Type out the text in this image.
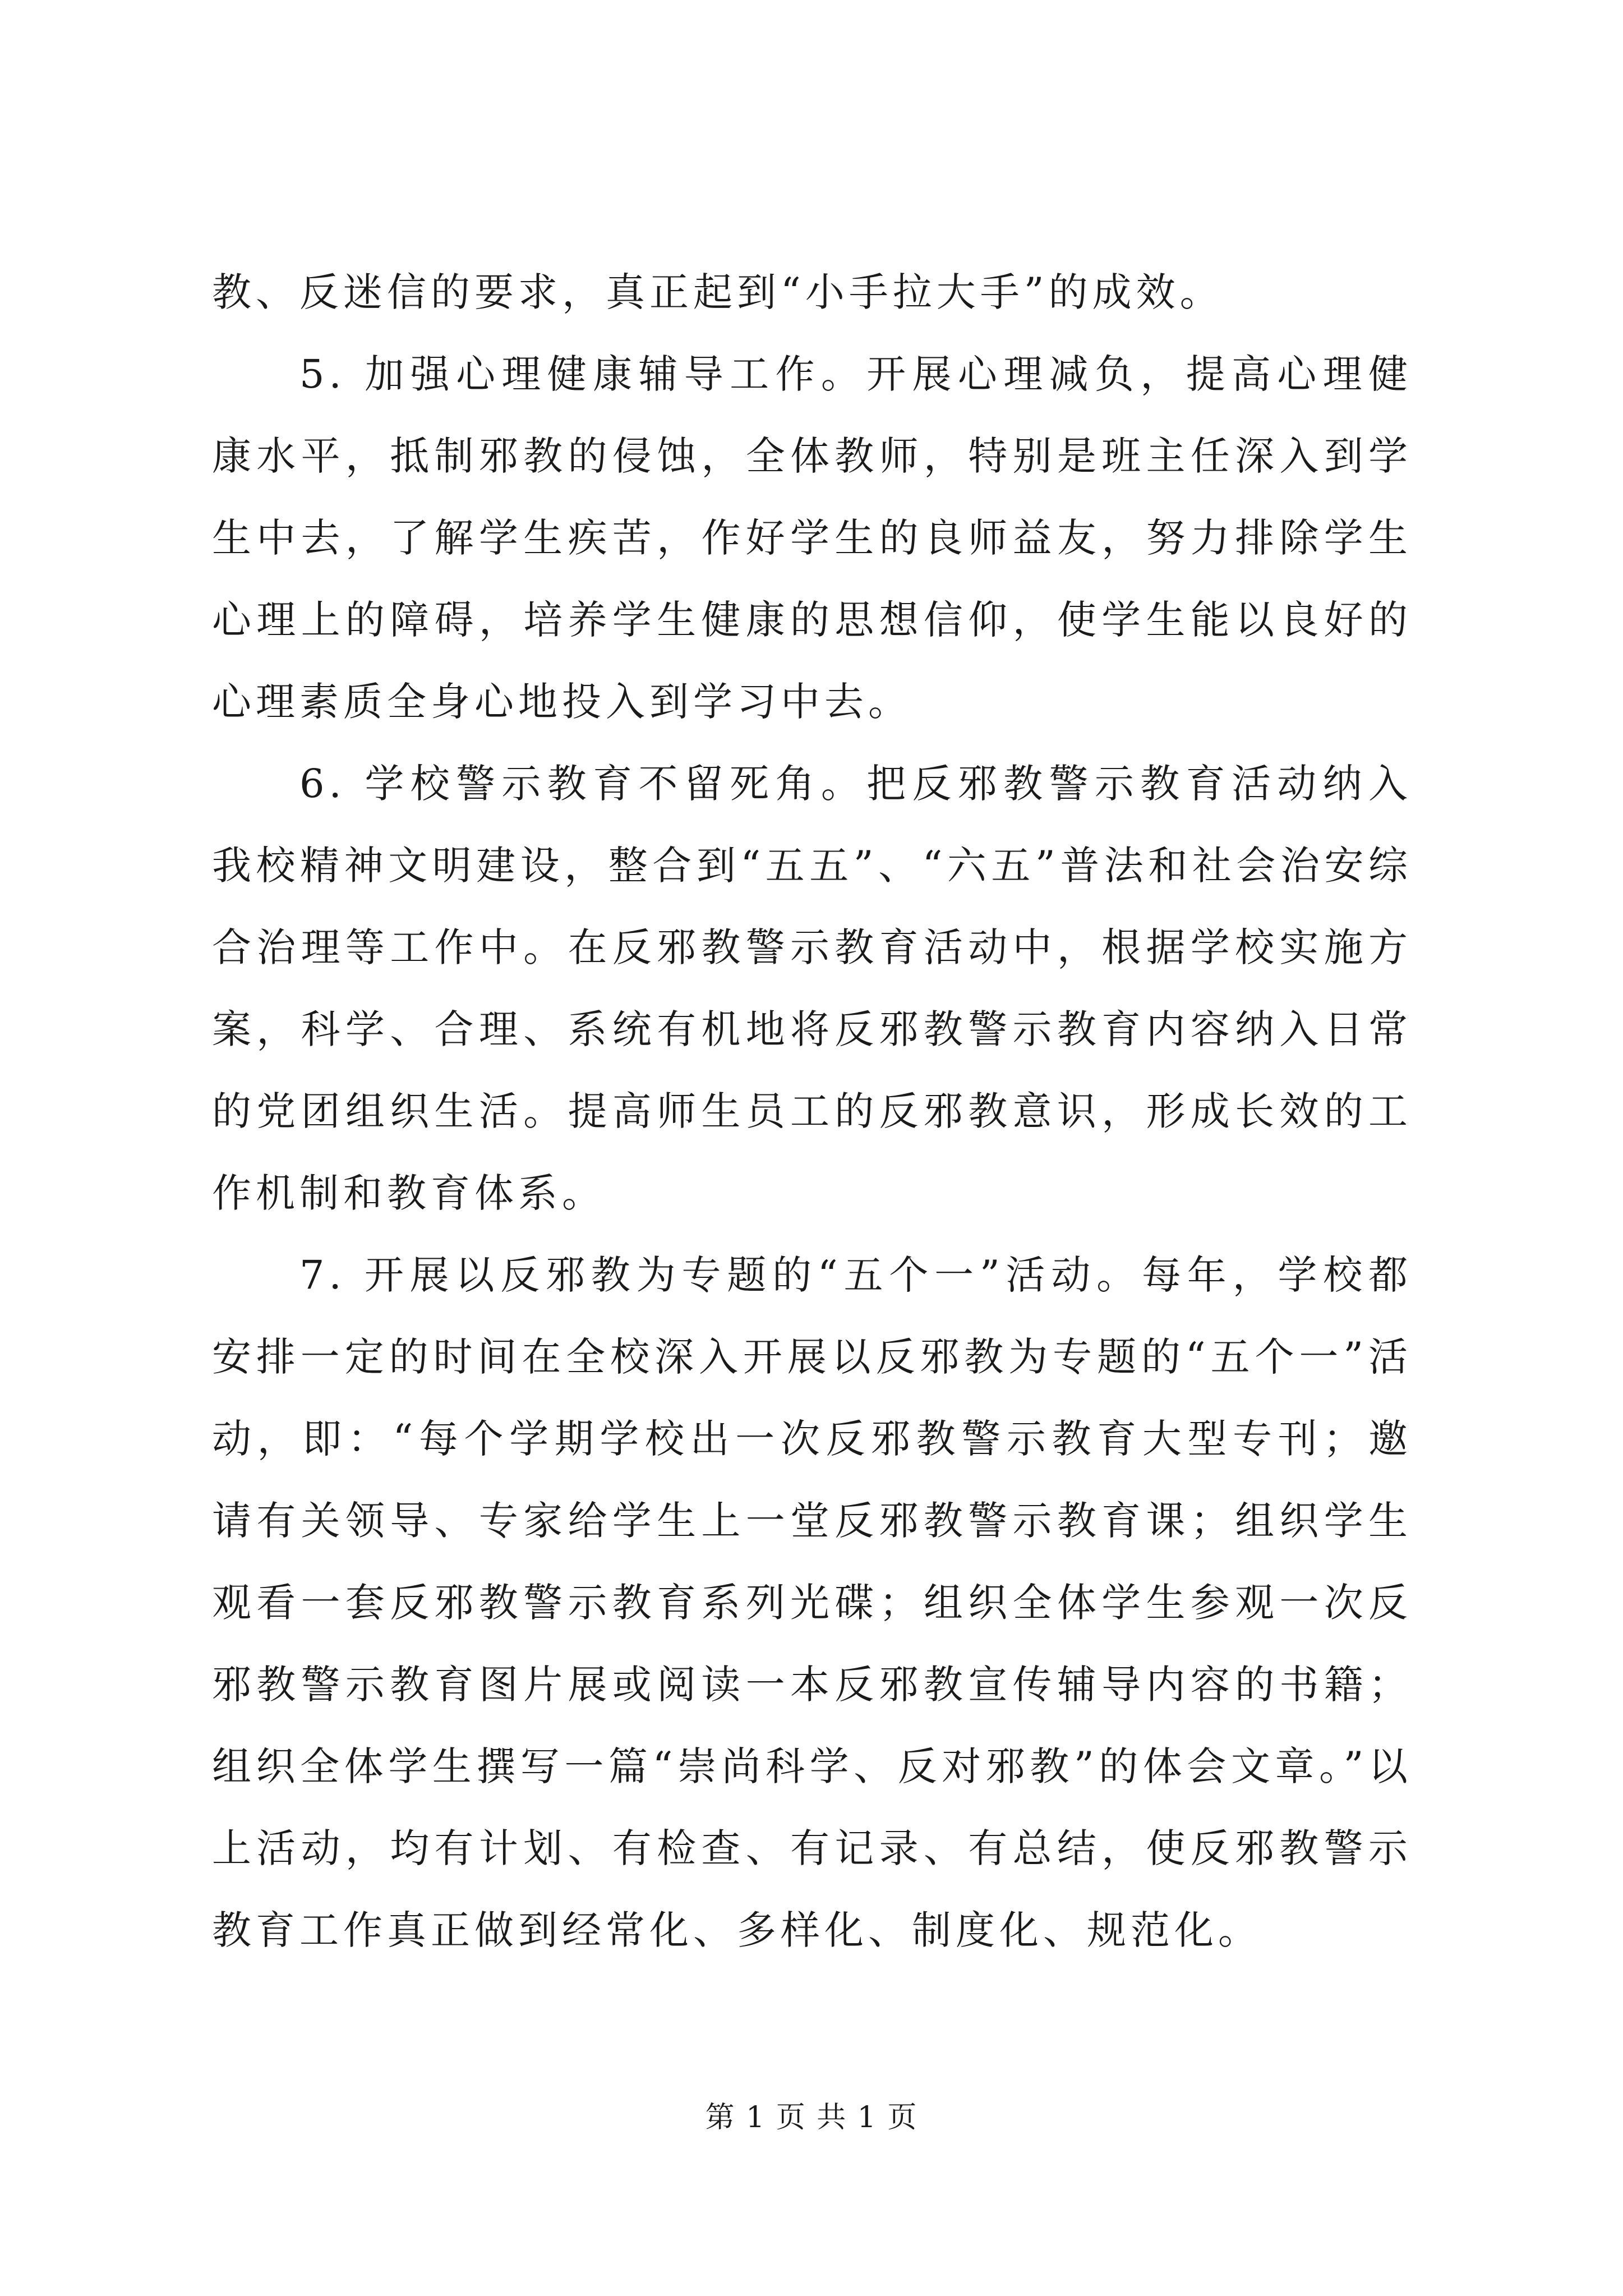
教、反迷信的要求，真正起到“小手拉大手”的成效。

5. 加强心理健康辅导工作。开展心理减负，提高心理健康水平，抵制邪教的侵蚀，全体教师，特别是班主任深入到学生中去，了解学生疾苦，作好学生的良师益友，努力排除学生心理上的障碍，培养学生健康的思想信仰，使学生能以良好的心理素质全身心地投入到学习中去。

6. 学校警示教育不留死角。把反邪教警示教育活动纳入我校精神文明建设，整合到“五五”、“六五”普法和社会治安综合治理等工作中。在反邪教警示教育活动中，根据学校实施方案，科学、合理、系统有机地将反邪教警示教育内容纳入日常的党团组织生活。提高师生员工的反邪教意识，形成长效的工作机制和教育体系。

7. 开展以反邪教为专题的“五个一”活动。每年，学校都安排一定的时间在全校深入开展以反邪教为专题的“五个一”活动，即：“每个学期学校出一次反邪教警示教育大型专刊；邀请有关领导、专家给学生上一堂反邪教警示教育课；组织学生观看一套反邪教警示教育系列光碟；组织全体学生参观一次反邪教警示教育图片展或阅读一本反邪教宣传辅导内容的书籍；组织全体学生撰写一篇“崇尚科学、反对邪教”的体会文章。”以上活动，均有计划、有检查、有记录、有总结，使反邪教警示教育工作真正做到经常化、多样化、制度化、规范化。

第 1 页 共 1 页
